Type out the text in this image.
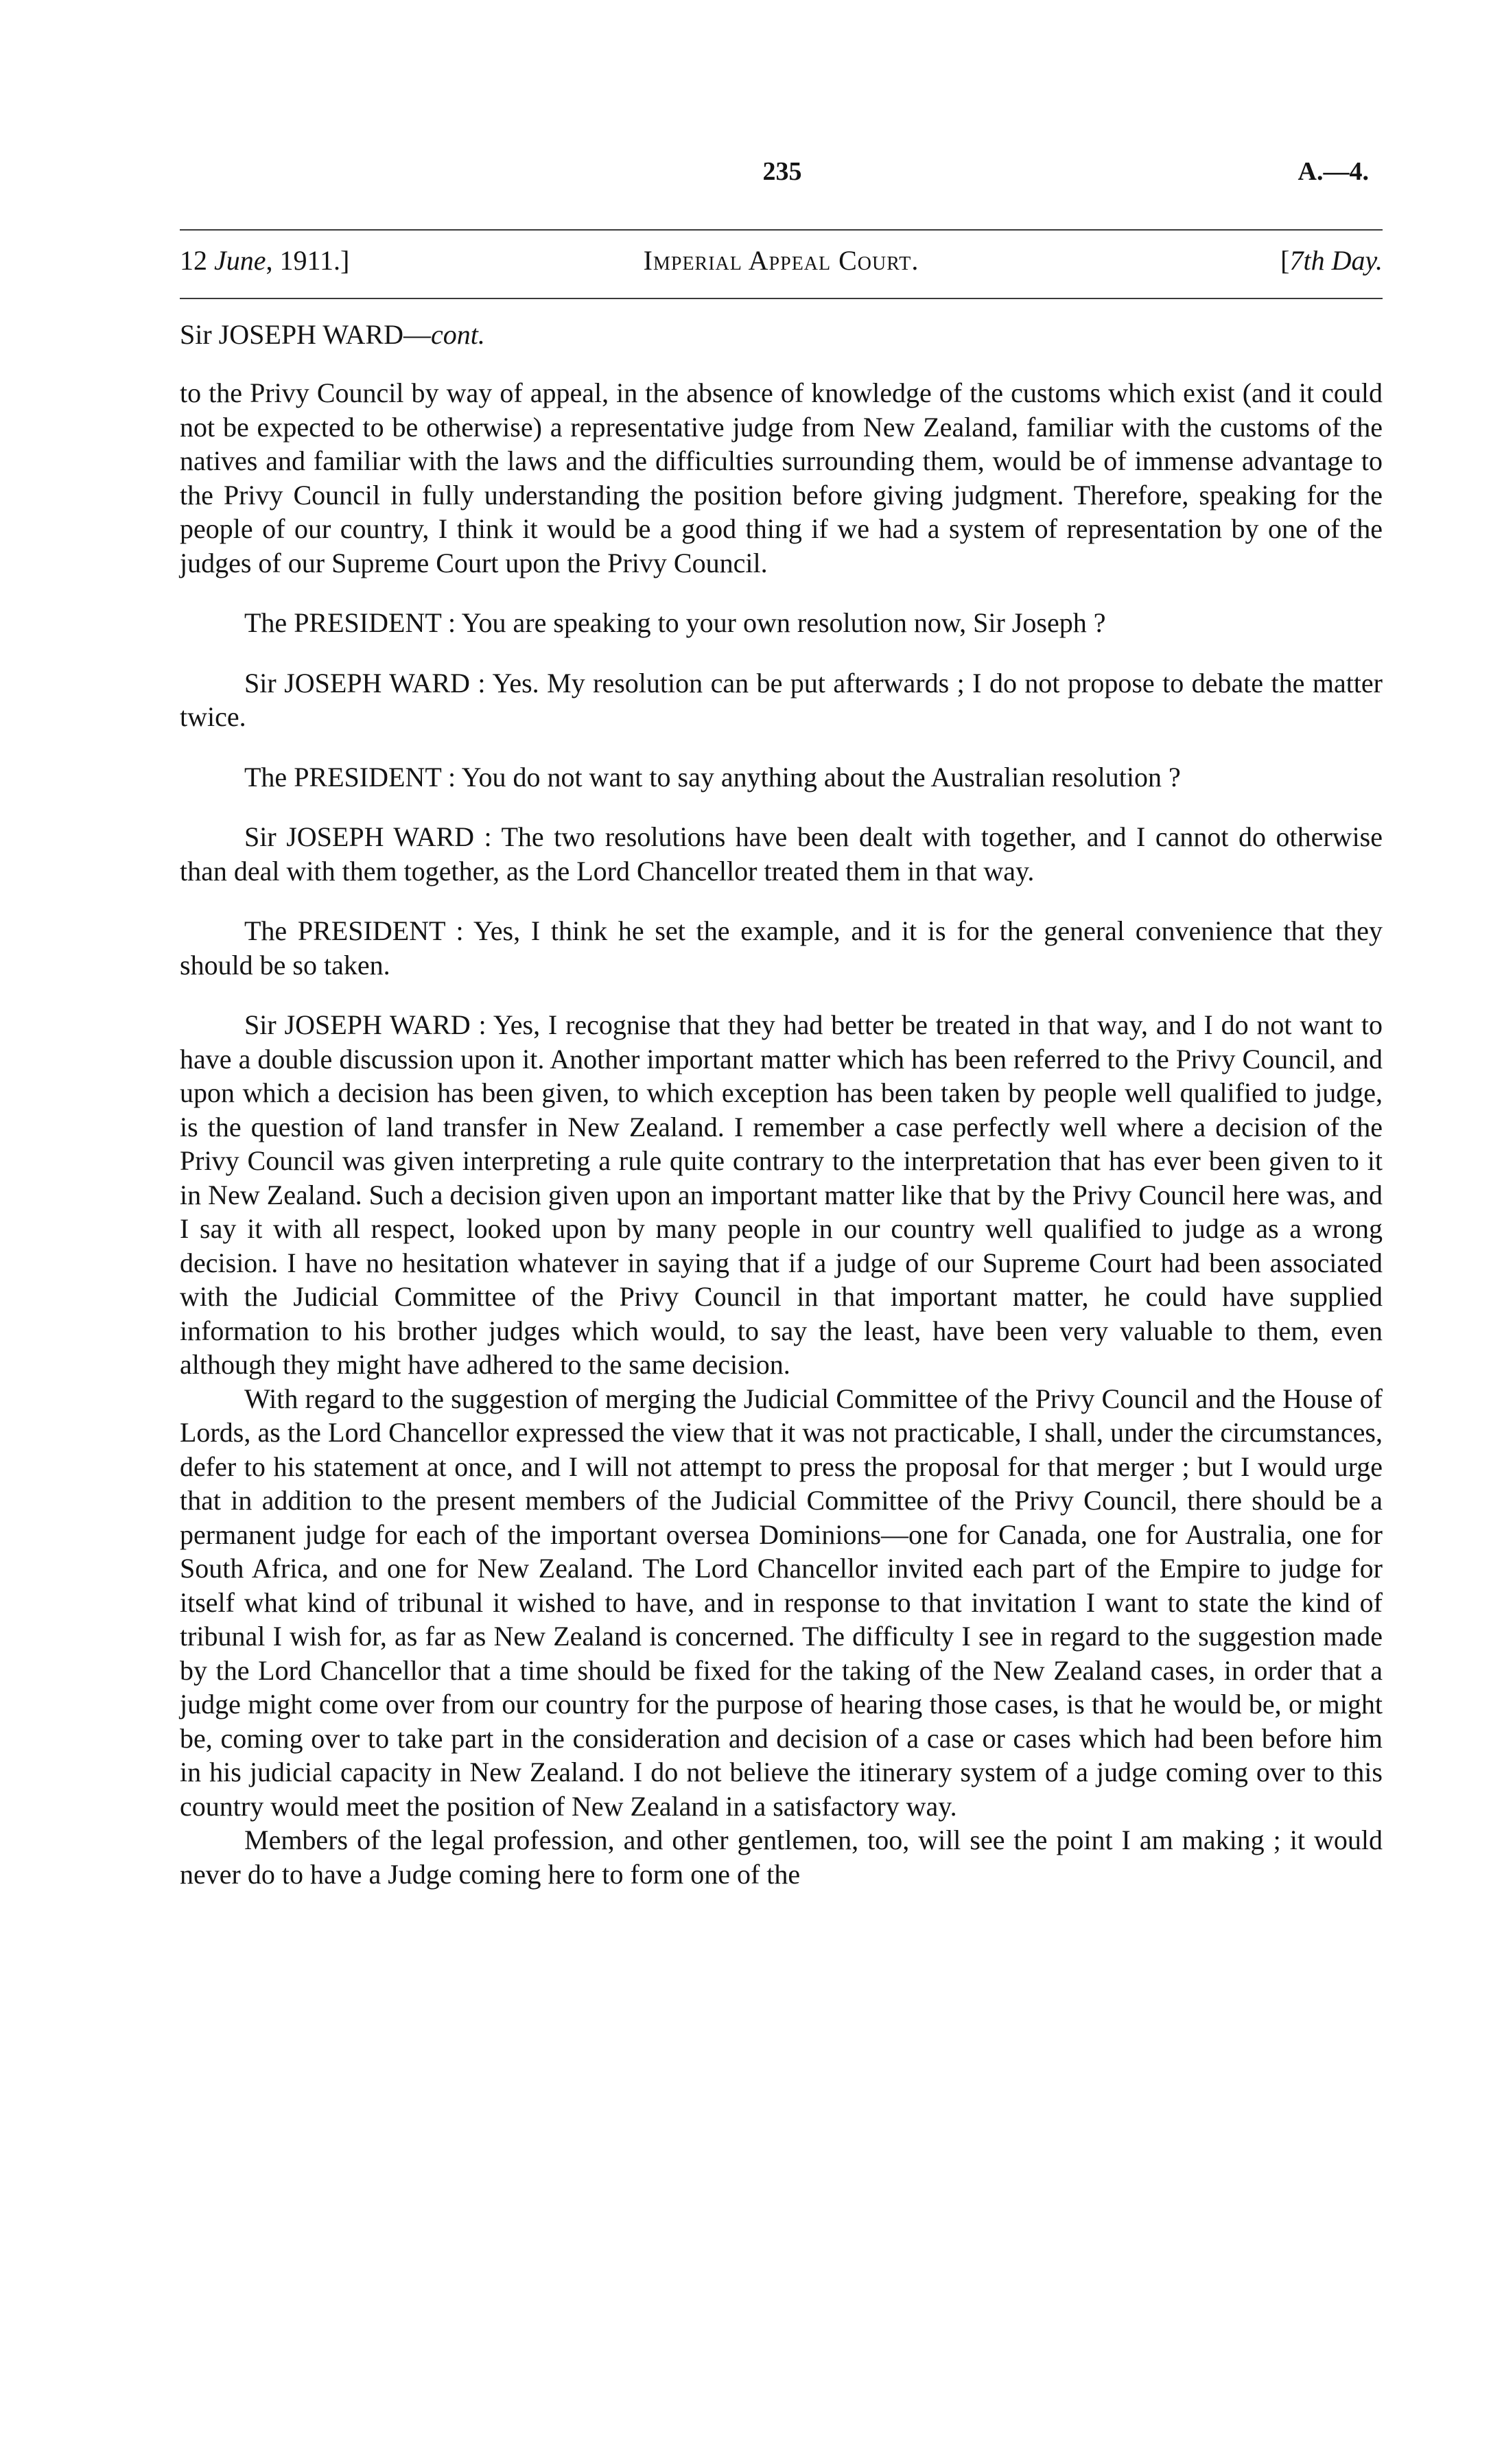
235	A.—4.
12 June, 1911.]	Imperial Appeal Court.	[7th Day.
Sir JOSEPH WARD—cont.

to the Privy Council by way of appeal, in the absence of knowledge of the customs which exist (and it could not be expected to be otherwise) a representative judge from New Zealand, familiar with the customs of the natives and familiar with the laws and the difficulties surrounding them, would be of immense advantage to the Privy Council in fully understanding the position before giving judgment. Therefore, speaking for the people of our country, I think it would be a good thing if we had a system of representation by one of the judges of our Supreme Court upon the Privy Council.

The PRESIDENT : You are speaking to your own resolution now, Sir Joseph ?

Sir JOSEPH WARD : Yes. My resolution can be put afterwards ; I do not propose to debate the matter twice.

The PRESIDENT : You do not want to say anything about the Australian resolution ?

Sir JOSEPH WARD : The two resolutions have been dealt with together, and I cannot do otherwise than deal with them together, as the Lord Chancellor treated them in that way.

The PRESIDENT : Yes, I think he set the example, and it is for the general convenience that they should be so taken.

Sir JOSEPH WARD : Yes, I recognise that they had better be treated in that way, and I do not want to have a double discussion upon it. Another important matter which has been referred to the Privy Council, and upon which a decision has been given, to which exception has been taken by people well qualified to judge, is the question of land transfer in New Zealand. I remember a case perfectly well where a decision of the Privy Council was given interpreting a rule quite contrary to the interpretation that has ever been given to it in New Zealand. Such a decision given upon an important matter like that by the Privy Council here was, and I say it with all respect, looked upon by many people in our country well qualified to judge as a wrong decision. I have no hesitation whatever in saying that if a judge of our Supreme Court had been associated with the Judicial Committee of the Privy Council in that important matter, he could have supplied information to his brother judges which would, to say the least, have been very valuable to them, even although they might have adhered to the same decision.

With regard to the suggestion of merging the Judicial Committee of the Privy Council and the House of Lords, as the Lord Chancellor expressed the view that it was not practicable, I shall, under the circumstances, defer to his statement at once, and I will not attempt to press the proposal for that merger ; but I would urge that in addition to the present members of the Judicial Committee of the Privy Council, there should be a permanent judge for each of the important oversea Dominions—one for Canada, one for Australia, one for South Africa, and one for New Zealand. The Lord Chancellor invited each part of the Empire to judge for itself what kind of tribunal it wished to have, and in response to that invitation I want to state the kind of tribunal I wish for, as far as New Zealand is concerned. The difficulty I see in regard to the suggestion made by the Lord Chancellor that a time should be fixed for the taking of the New Zealand cases, in order that a judge might come over from our country for the purpose of hearing those cases, is that he would be, or might be, coming over to take part in the consideration and decision of a case or cases which had been before him in his judicial capacity in New Zealand. I do not believe the itinerary system of a judge coming over to this country would meet the position of New Zealand in a satisfactory way.

Members of the legal profession, and other gentlemen, too, will see the point I am making ; it would never do to have a Judge coming here to form one of the
